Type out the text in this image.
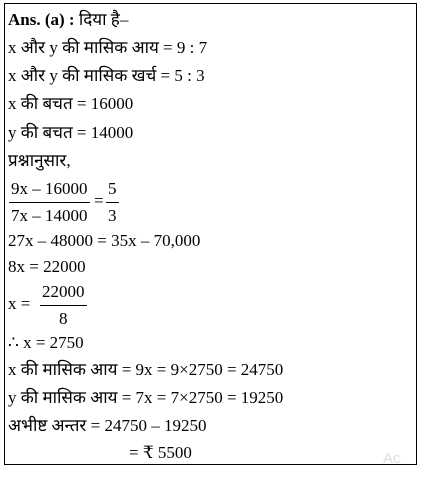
Ans. (a) : दिया है–
x और y की मासिक आय = 9 : 7
x और y की मासिक खर्च = 5 : 3
x की बचत = 16000
y की बचत = 14000
प्रश्नानुसार,
$\frac{9x - 16000}{7x - 14000} = \frac{5}{3}$
27x – 48000 = 35x – 70,000
8x = 22000
$x = \frac{22000}{8}$
∴ x = 2750
x की मासिक आय = 9x = 9×2750 = 24750
y की मासिक आय = 7x = 7×2750 = 19250
अभीष्ट अन्तर = 24750 – 19250
= ₹ 5500	Ac
